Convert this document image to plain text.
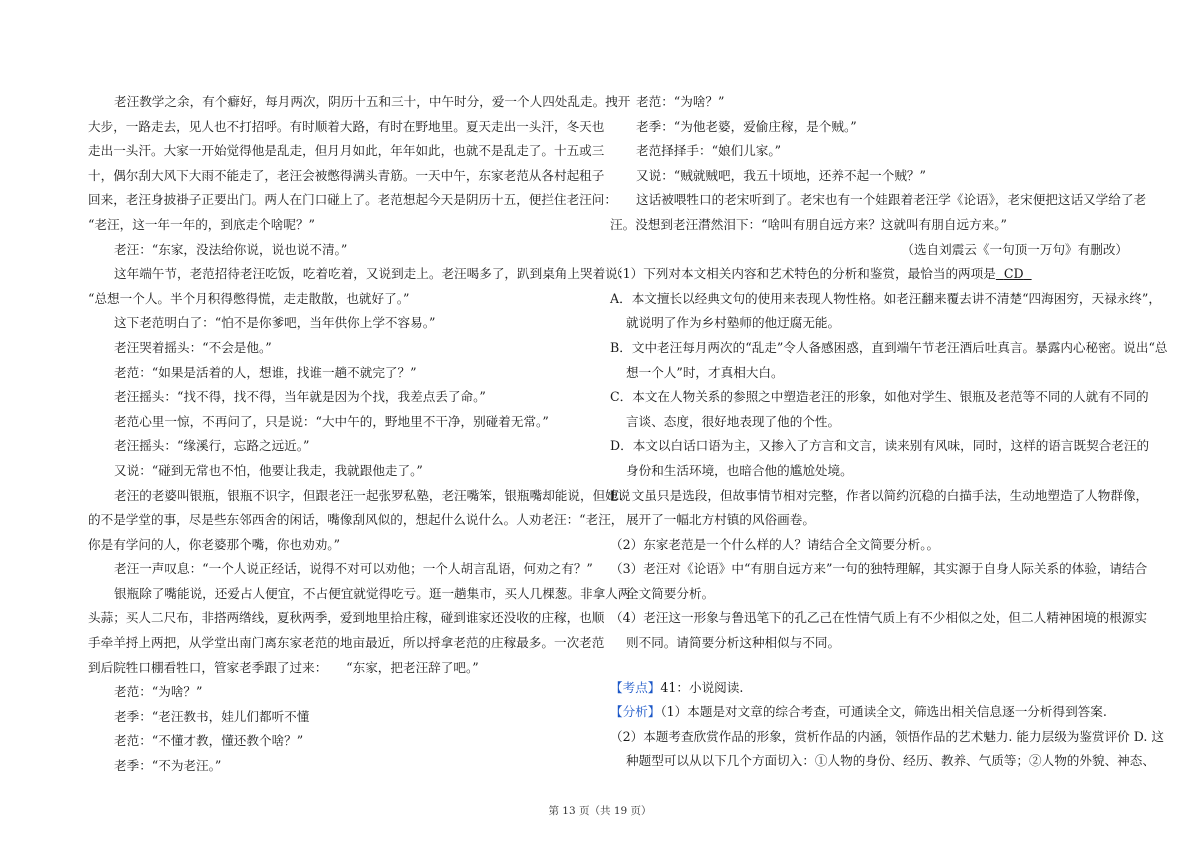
老汪教学之余，有个癖好，每月两次，阴历十五和三十，中午时分，爱一个人四处乱走。拽开
大步，一路走去，见人也不打招呼。有时顺着大路，有时在野地里。夏天走出一头汗，冬天也
走出一头汗。大家一开始觉得他是乱走，但月月如此，年年如此，也就不是乱走了。十五或三
十，偶尔刮大风下大雨不能走了，老汪会被憋得满头青筋。一天中午，东家老范从各村起租子
回来，老汪身披褂子正要出门。两人在门口碰上了。老范想起今天是阴历十五，便拦住老汪问：
“老汪，这一年一年的，到底走个啥呢？”
老汪：“东家，没法给你说，说也说不清。”
这年端午节，老范招待老汪吃饭，吃着吃着，又说到走上。老汪喝多了，趴到桌角上哭着说：
“总想一个人。半个月积得憋得慌，走走散散，也就好了。”
这下老范明白了：“怕不是你爹吧，当年供你上学不容易。”
老汪哭着摇头：“不会是他。”
老范：“如果是活着的人，想谁，找谁一趟不就完了？”
老汪摇头：“找不得，找不得，当年就是因为个找，我差点丢了命。”
老范心里一惊，不再问了，只是说：“大中午的，野地里不干净，别碰着无常。”
老汪摇头：“缘溪行，忘路之远近。”
又说：“碰到无常也不怕，他要让我走，我就跟他走了。”
老汪的老婆叫银瓶，银瓶不识字，但跟老汪一起张罗私塾，老汪嘴笨，银瓶嘴却能说，但她说
的不是学堂的事，尽是些东邻西舍的闲话，嘴像刮风似的，想起什么说什么。人劝老汪：“老汪，
你是有学问的人，你老婆那个嘴，你也劝劝。”
老汪一声叹息：“一个人说正经话，说得不对可以劝他；一个人胡言乱语，何劝之有？”
银瓶除了嘴能说，还爱占人便宜，不占便宜就觉得吃亏。逛一趟集市，买人几棵葱。非拿人两
头蒜；买人二尺布，非搭两绺线，夏秋两季，爱到地里拾庄稼，碰到谁家还没收的庄稼，也顺
手牵羊捋上两把，从学堂出南门离东家老范的地亩最近，所以捋拿老范的庄稼最多。一次老范
到后院牲口棚看牲口，管家老季跟了过来：　　“东家，把老汪辞了吧。”
老范：“为啥？”
老季：“老汪教书，娃儿们都听不懂
老范：“不懂才教，懂还教个啥？”
老季：“不为老汪。”
老范：“为啥？”
老季：“为他老婆，爱偷庄稼，是个贼。”
老范择择手：“娘们儿家。”
又说：“贼就贼吧，我五十顷地，还养不起一个贼？”
这话被喂牲口的老宋听到了。老宋也有一个娃跟着老汪学《论语》，老宋便把这话又学给了老
汪。没想到老汪潸然泪下：“啥叫有朋自远方来？这就叫有朋自远方来。”
（选自刘震云《一句顶一万句》有删改）
（1）下列对本文相关内容和艺术特色的分析和鉴赏，最恰当的两项是 CD
A．本文擅长以经典文句的使用来表现人物性格。如老汪翻来覆去讲不清楚“四海困穷，天禄永终”，
就说明了作为乡村塾师的他迂腐无能。
B．文中老汪每月两次的“乱走”令人备感困惑，直到端午节老汪酒后吐真言。暴露内心秘密。说出“总
想一个人”时，才真相大白。
C．本文在人物关系的参照之中塑造老汪的形象，如他对学生、银瓶及老范等不同的人就有不同的
言谈、态度，很好地表现了他的个性。
D．本文以白话口语为主，又掺入了方言和文言，读来别有风味，同时，这样的语言既契合老汪的
身份和生活环境，也暗合他的尴尬处境。
E．文虽只是选段，但故事情节相对完整，作者以简约沉稳的白描手法，生动地塑造了人物群像，
展开了一幅北方村镇的风俗画卷。
（2）东家老范是一个什么样的人？请结合全文简要分析。。
（3）老汪对《论语》中“有朋自远方来”一句的独特理解，其实源于自身人际关系的体验，请结合
全文简要分析。
（4）老汪这一形象与鲁迅笔下的孔乙己在性情气质上有不少相似之处，但二人精神困境的根源实
则不同。请简要分析这种相似与不同。
【考点】41：小说阅读.
【分析】（1）本题是对文章的综合考查，可通读全文，筛选出相关信息逐一分析得到答案.
（2）本题考查欣赏作品的形象，赏析作品的内涵，领悟作品的艺术魅力. 能力层级为鉴赏评价 D. 这
种题型可以从以下几个方面切入：①人物的身份、经历、教养、气质等；②人物的外貌、神态、
第 13 页（共 19 页）
